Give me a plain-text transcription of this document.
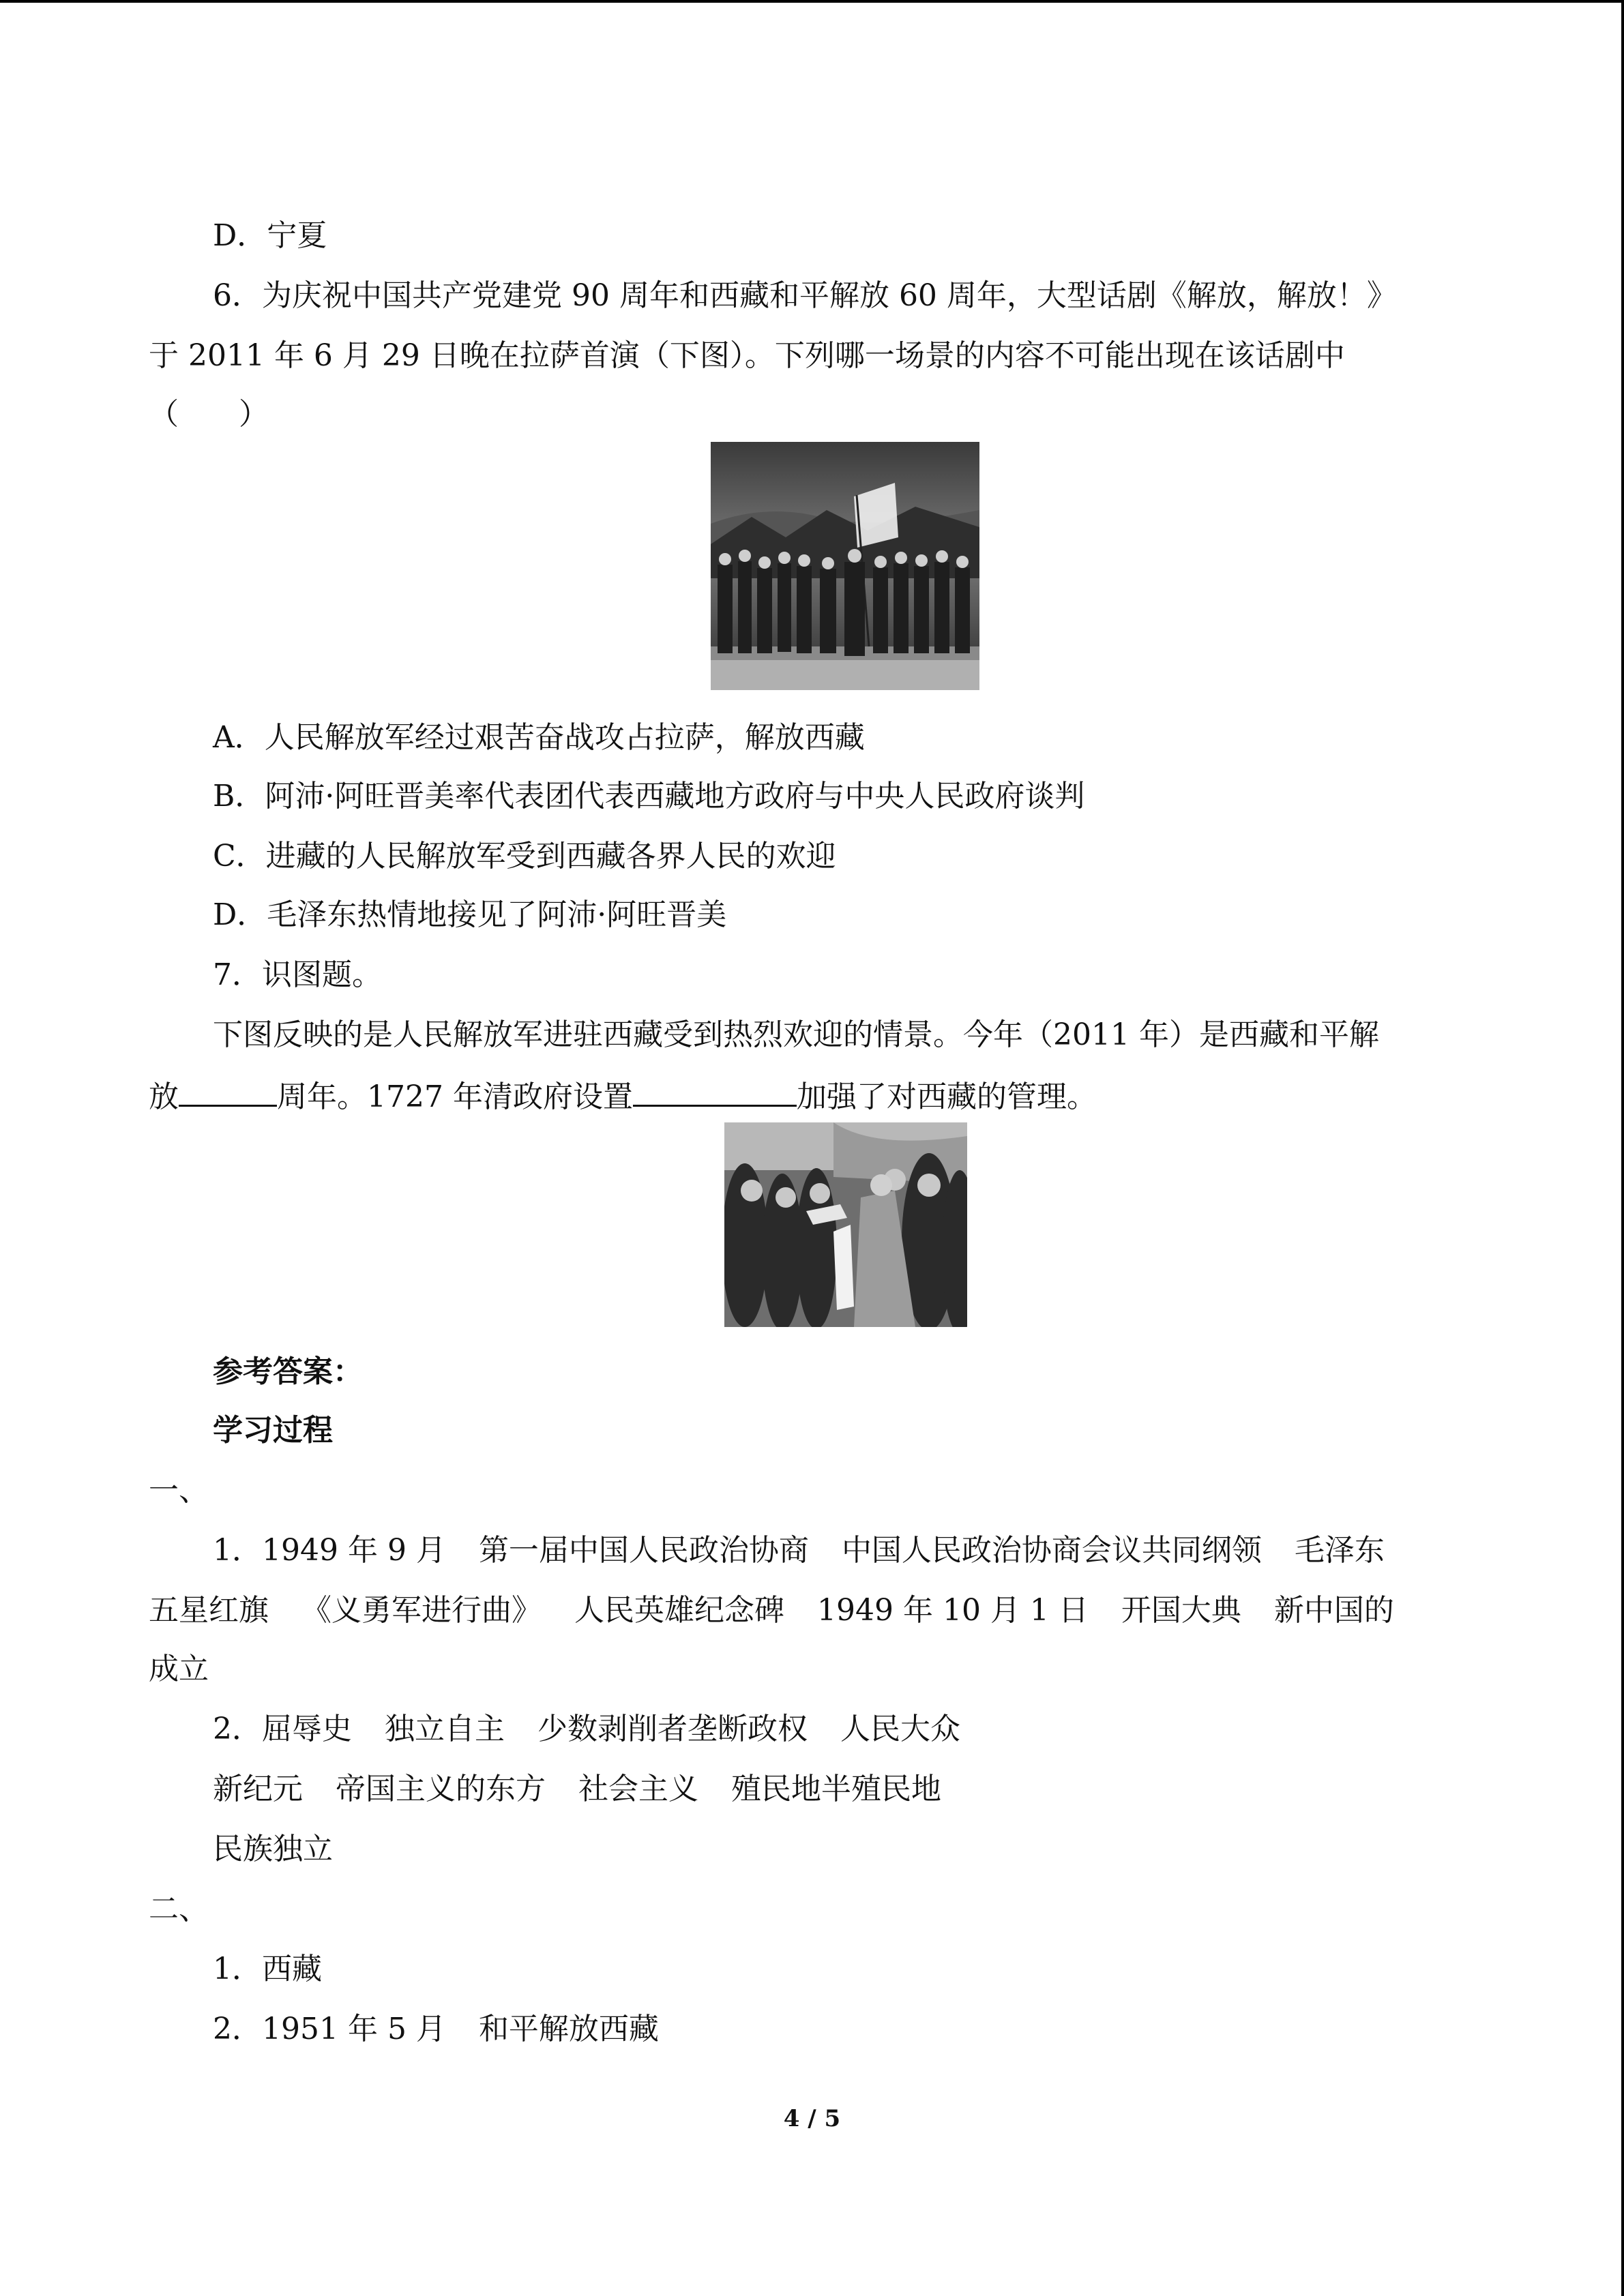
D．宁夏
6．为庆祝中国共产党建党 90 周年和西藏和平解放 60 周年，大型话剧《解放，解放！》
于 2011 年 6 月 29 日晚在拉萨首演（下图）。下列哪一场景的内容不可能出现在该话剧中
（　　）
A．人民解放军经过艰苦奋战攻占拉萨，解放西藏
B．阿沛·阿旺晋美率代表团代表西藏地方政府与中央人民政府谈判
C．进藏的人民解放军受到西藏各界人民的欢迎
D．毛泽东热情地接见了阿沛·阿旺晋美
7．识图题。
下图反映的是人民解放军进驻西藏受到热烈欢迎的情景。今年（2011 年）是西藏和平解
放	周年。1727 年清政府设置	加强了对西藏的管理。
参考答案：
学习过程
一、
1．1949 年 9 月 第一届中国人民政治协商 中国人民政治协商会议共同纲领 毛泽东
五星红旗 《义勇军进行曲》 人民英雄纪念碑 1949 年 10 月 1 日 开国大典 新中国的
成立
2．屈辱史 独立自主 少数剥削者垄断政权 人民大众
新纪元 帝国主义的东方 社会主义 殖民地半殖民地
民族独立
二、
1．西藏
2．1951 年 5 月 和平解放西藏
4 / 5
